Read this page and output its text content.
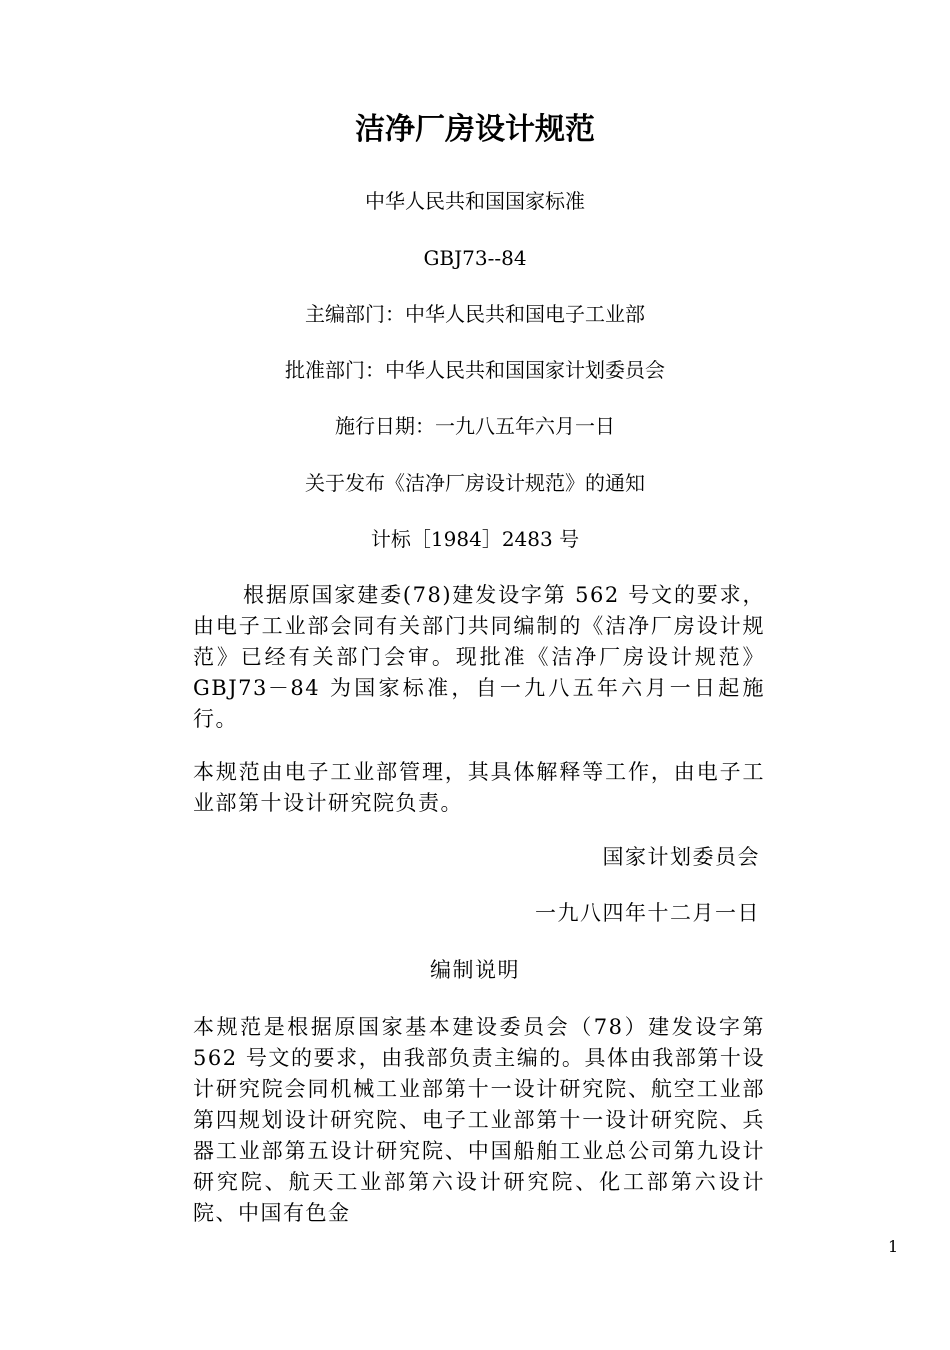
洁净厂房设计规范
中华人民共和国国家标准
GBJ73--84
主编部门：中华人民共和国电子工业部
批准部门：中华人民共和国国家计划委员会
施行日期：一九八五年六月一日
关于发布《洁净厂房设计规范》的通知
计标［1984］2483 号
根据原国家建委(78)建发设字第 562 号文的要求，由电子工业部会同有关部门共同编制的《洁净厂房设计规范》已经有关部门会审。现批准《洁净厂房设计规范》GBJ73－84 为国家标准，自一九八五年六月一日起施行。
本规范由电子工业部管理，其具体解释等工作，由电子工业部第十设计研究院负责。
国家计划委员会
一九八四年十二月一日
编制说明
本规范是根据原国家基本建设委员会（78）建发设字第 562 号文的要求，由我部负责主编的。具体由我部第十设计研究院会同机械工业部第十一设计研究院、航空工业部第四规划设计研究院、电子工业部第十一设计研究院、兵器工业部第五设计研究院、中国船舶工业总公司第九设计研究院、航天工业部第六设计研究院、化工部第六设计院、中国有色金
1
